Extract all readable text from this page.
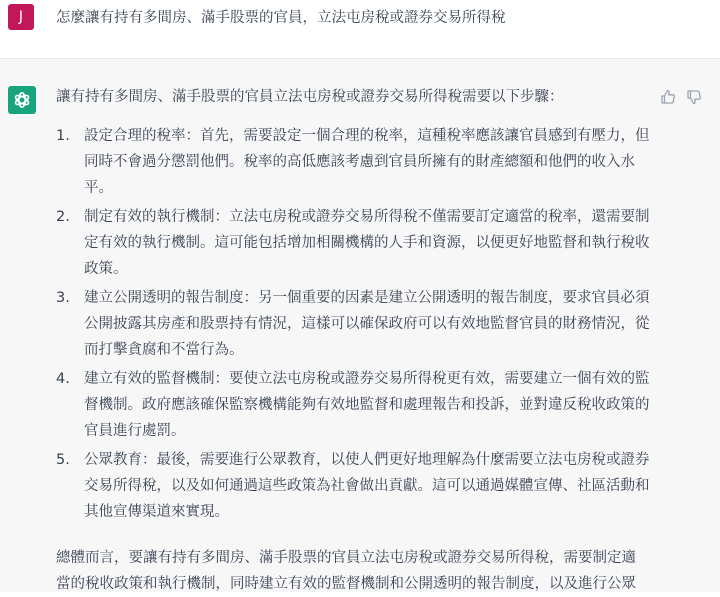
J	怎麼讓有持有多間房、滿手股票的官員，立法屯房稅或證券交易所得稅
讓有持有多間房、滿手股票的官員立法屯房稅或證券交易所得稅需要以下步驟：
1. 設定合理的稅率：首先，需要設定一個合理的稅率，這種稅率應該讓官員感到有壓力，但
同時不會過分懲罰他們。稅率的高低應該考慮到官員所擁有的財產總額和他們的收入水
平。
2. 制定有效的執行機制：立法屯房稅或證券交易所得稅不僅需要訂定適當的稅率，還需要制
定有效的執行機制。這可能包括增加相關機構的人手和資源，以便更好地監督和執行稅收
政策。
3. 建立公開透明的報告制度：另一個重要的因素是建立公開透明的報告制度，要求官員必須
公開披露其房產和股票持有情況，這樣可以確保政府可以有效地監督官員的財務情況，從
而打擊貪腐和不當行為。
4. 建立有效的監督機制：要使立法屯房稅或證券交易所得稅更有效，需要建立一個有效的監
督機制。政府應該確保監察機構能夠有效地監督和處理報告和投訴，並對違反稅收政策的
官員進行處罰。
5. 公眾教育：最後，需要進行公眾教育，以使人們更好地理解為什麼需要立法屯房稅或證券
交易所得稅，以及如何通過這些政策為社會做出貢獻。這可以通過媒體宣傳、社區活動和
其他宣傳渠道來實現。
總體而言，要讓有持有多間房、滿手股票的官員立法屯房稅或證券交易所得稅，需要制定適
當的稅收政策和執行機制，同時建立有效的監督機制和公開透明的報告制度，以及進行公眾
